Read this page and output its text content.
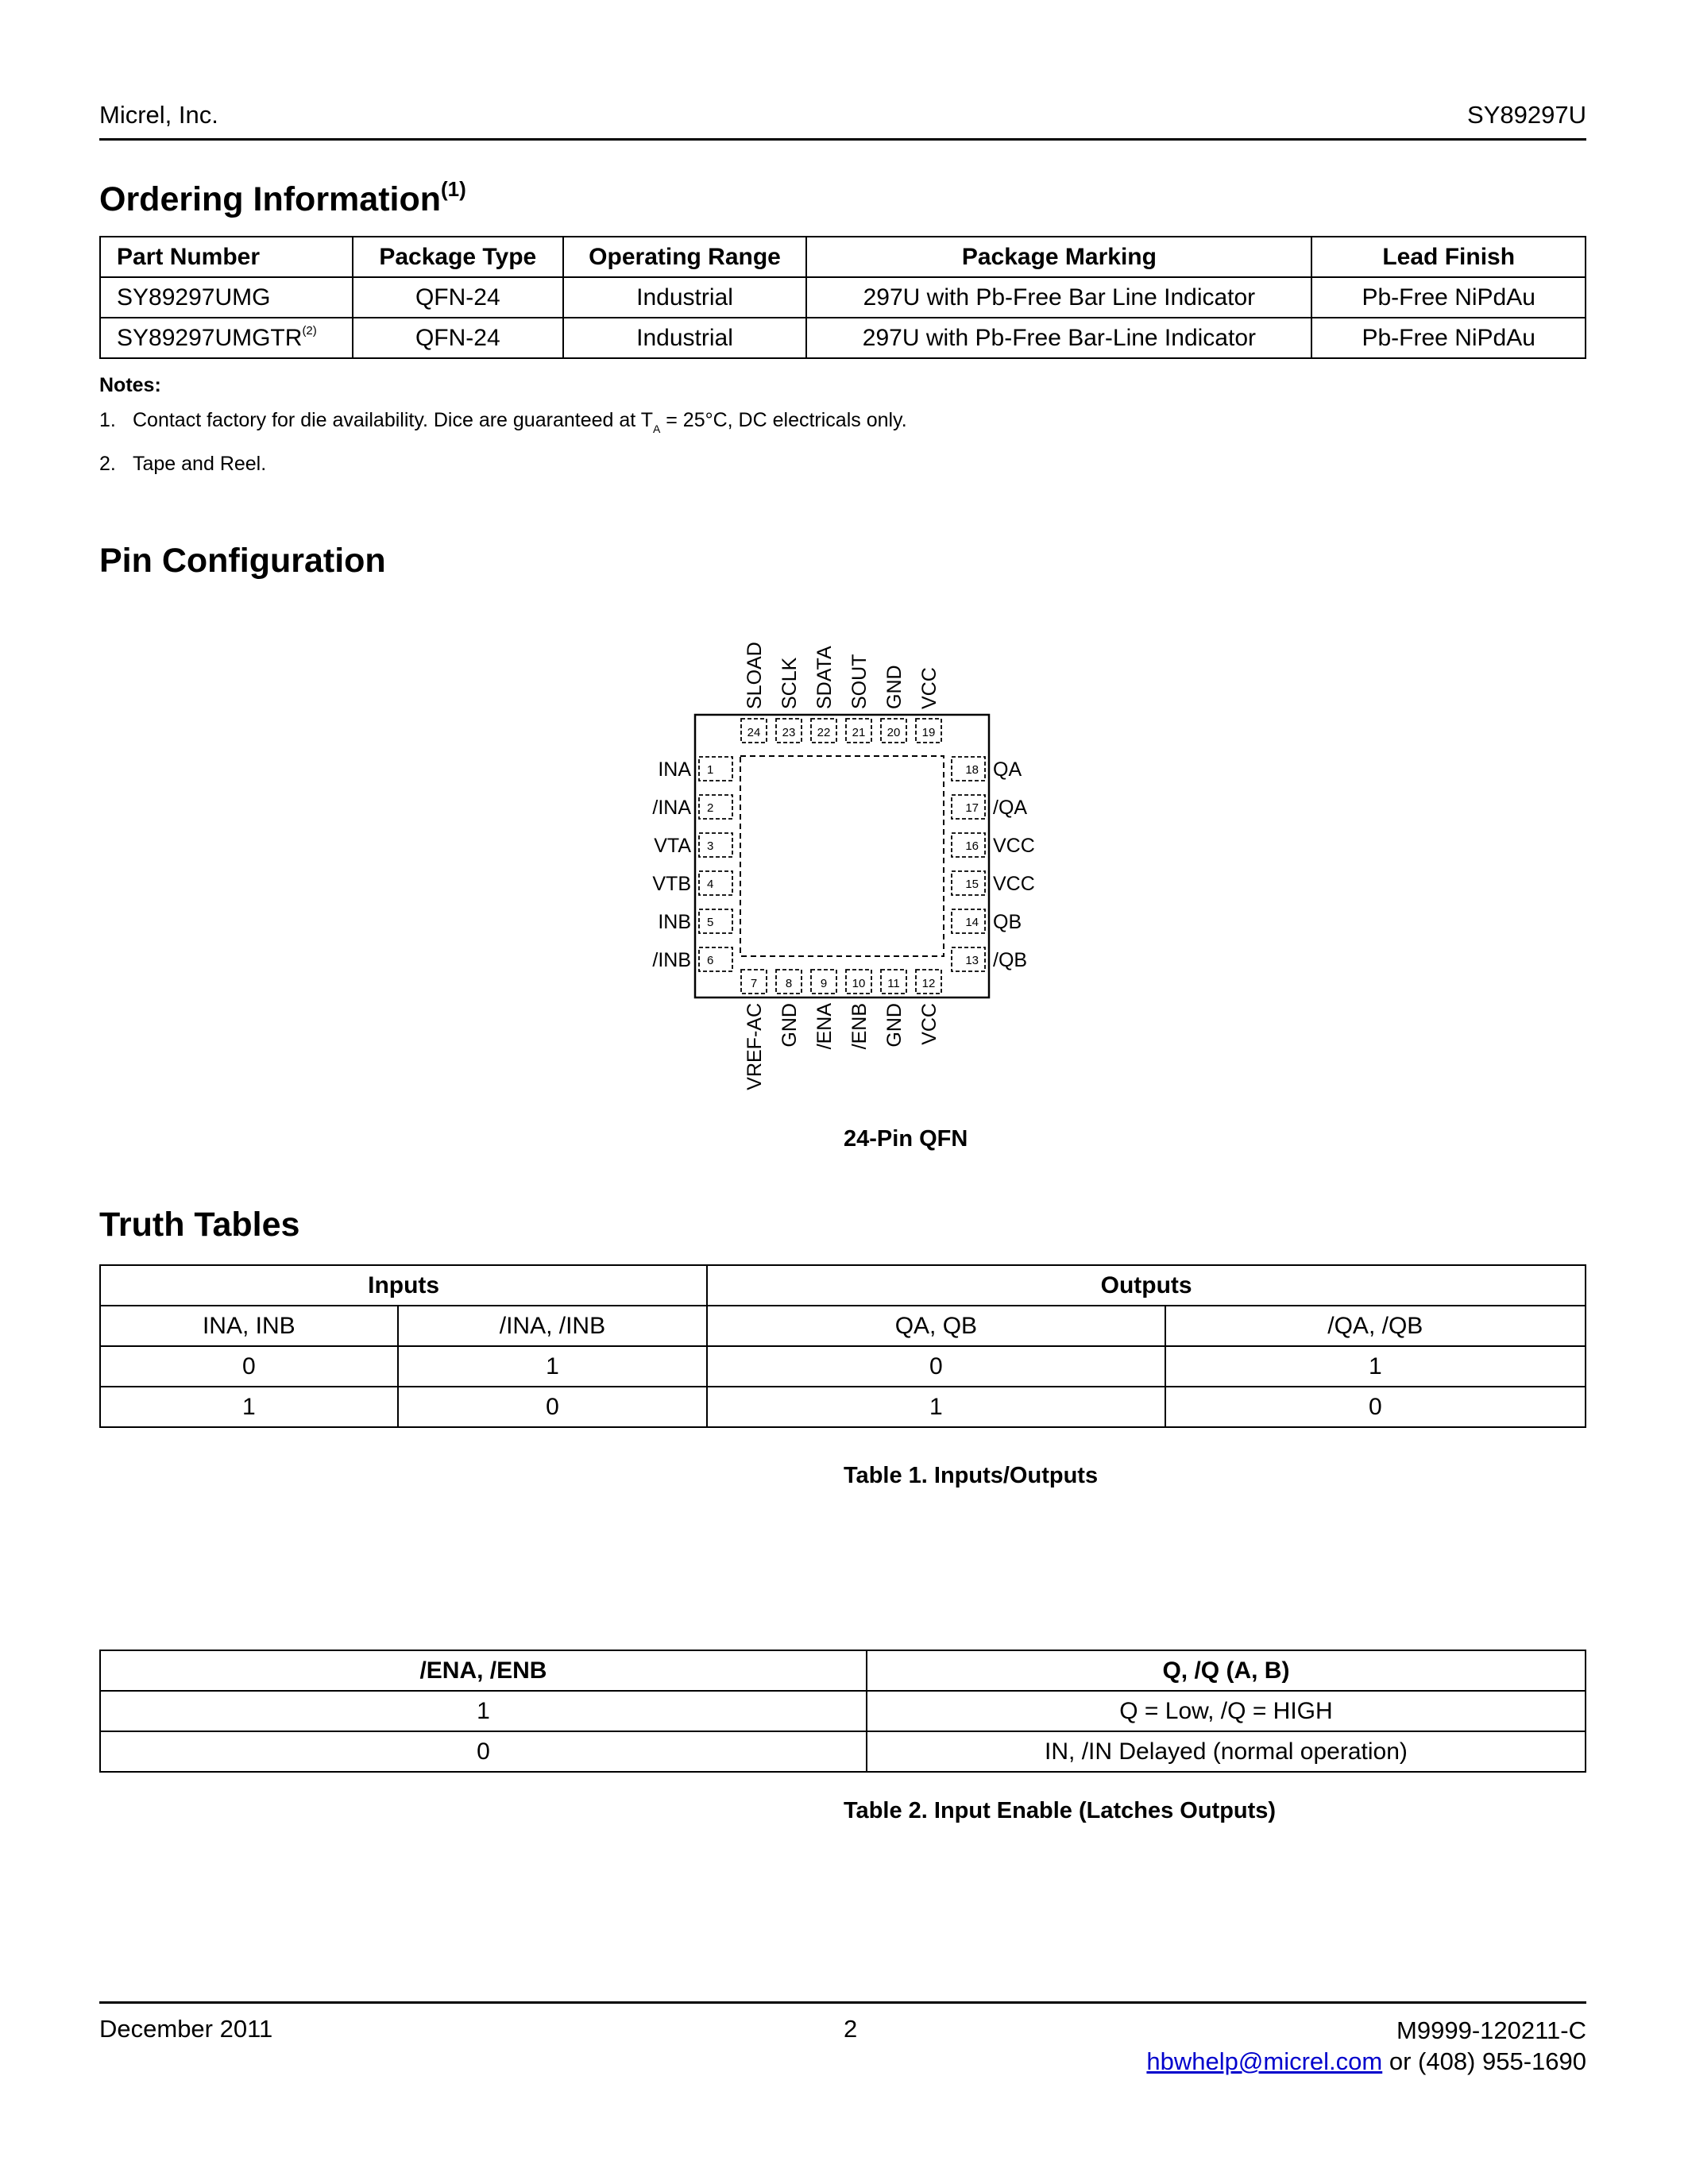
Micrel, Inc.	SY89297U
Ordering Information$^{(1)}$
Part Number	Package Type	Operating Range	Package Marking	Lead Finish
SY89297UMG	QFN-24	Industrial	297U with Pb-Free Bar Line Indicator	Pb-Free NiPdAu
SY89297UMGTR$^{(2)}$	QFN-24	Industrial	297U with Pb-Free Bar-Line Indicator	Pb-Free NiPdAu
Notes:
1. Contact factory for die availability. Dice are guaranteed at $T_A = 25^\circ C$, DC electricals only.
2. Tape and Reel.
Pin Configuration
24
SLOAD
23
SCLK
22
SDATA
21
SOUT
20
GND
19
VCC
1
INA
2
/INA
3
VTA
4
VTB
5
INB
6
/INB
18 QA
17 /QA
16 VCC
15 VCC
14 QB
13 /QB
7
VREF-AC
8
GND
9
/ENA
10
/ENB
11
GND
12
VCC
24-Pin QFN
Truth Tables
Inputs		Outputs	
INA, INB	/INA, /INB	QA, QB	/QA, /QB
0	1	0	1
1	0	1	0
Table 1. Inputs/Outputs
/ENA, /ENB	Q, /Q (A, B)
1	Q = Low, /Q = HIGH
0	IN, /IN Delayed (normal operation)
Table 2. Input Enable (Latches Outputs)
December 2011	2	M9999-120211-C
hbwhelp@micrel.com or (408) 955-1690
